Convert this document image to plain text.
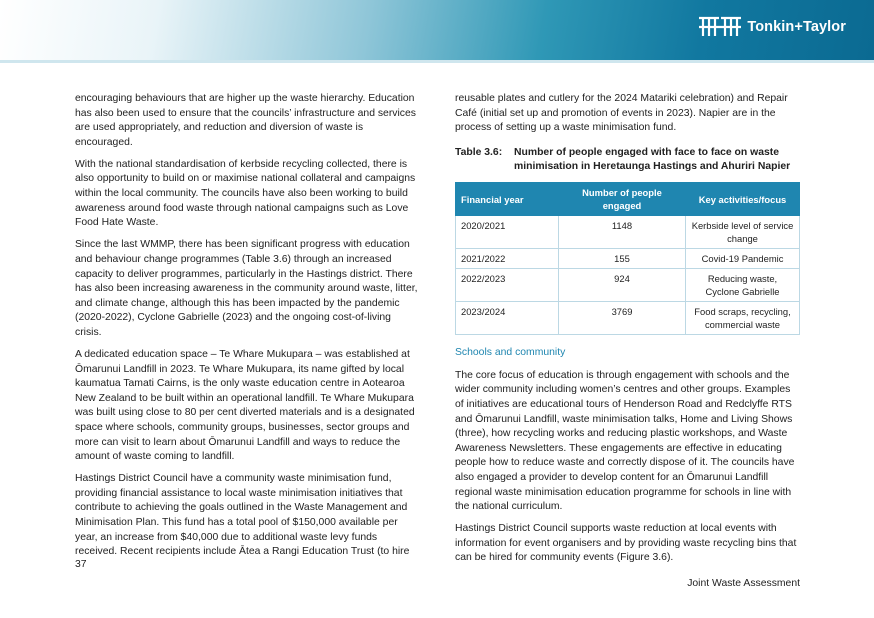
Tonkin+Taylor

encouraging behaviours that are higher up the waste hierarchy. Education has also been used to ensure that the councils’ infrastructure and services are used appropriately, and reduction and diversion of waste is encouraged.

With the national standardisation of kerbside recycling collected, there is also opportunity to build on or maximise national collateral and campaigns within the local community. The councils have also been working to build awareness around food waste through national campaigns such as Love Food Hate Waste.

Since the last WMMP, there has been significant progress with education and behaviour change programmes (Table 3.6) through an increased capacity to deliver programmes, particularly in the Hastings district. There has also been increasing awareness in the community around waste, litter, and climate change, although this has been impacted by the pandemic (2020-2022), Cyclone Gabrielle (2023) and the ongoing cost-of-living crisis.

A dedicated education space – Te Whare Mukupara – was established at Ōmarunui Landfill in 2023. Te Whare Mukupara, its name gifted by local kaumatua Tamati Cairns, is the only waste education centre in Aotearoa New Zealand to be built within an operational landfill. Te Whare Mukupara was built using close to 80 per cent diverted materials and is a designated space where schools, community groups, businesses, sector groups and more can visit to learn about Ōmarunui Landfill and ways to reduce the amount of waste coming to landfill.

Hastings District Council have a community waste minimisation fund, providing financial assistance to local waste minimisation initiatives that contribute to achieving the goals outlined in the Waste Management and Minimisation Plan. This fund has a total pool of $150,000 available per year, an increase from $40,000 due to additional waste levy funds received. Recent recipients include Ātea a Rangi Education Trust (to hire

reusable plates and cutlery for the 2024 Matariki celebration) and Repair Café (initial set up and promotion of events in 2023). Napier are in the process of setting up a waste minimisation fund.

Table 3.6:	Number of people engaged with face to face on waste minimisation in Heretaunga Hastings and Ahuriri Napier
Financial year	Number of people engaged	Key activities/focus
2020/2021	1148	Kerbside level of service change
2021/2022	155	Covid-19 Pandemic
2022/2023	924	Reducing waste, Cyclone Gabrielle
2023/2024	3769	Food scraps, recycling, commercial waste
Schools and community

The core focus of education is through engagement with schools and the wider community including women’s centres and other groups. Examples of initiatives are educational tours of Henderson Road and Redclyffe RTS and Ōmarunui Landfill, waste minimisation talks, Home and Living Shows (three), how recycling works and reducing plastic workshops, and Waste Awareness Newsletters. These engagements are effective in educating people how to reduce waste and correctly dispose of it. The councils have also engaged a provider to develop content for an Ōmarunui Landfill regional waste minimisation education programme for schools in line with the national curriculum.

Hastings District Council supports waste reduction at local events with information for event organisers and by providing waste recycling bins that can be hired for community events (Figure 3.6).

37
Joint Waste Assessment
